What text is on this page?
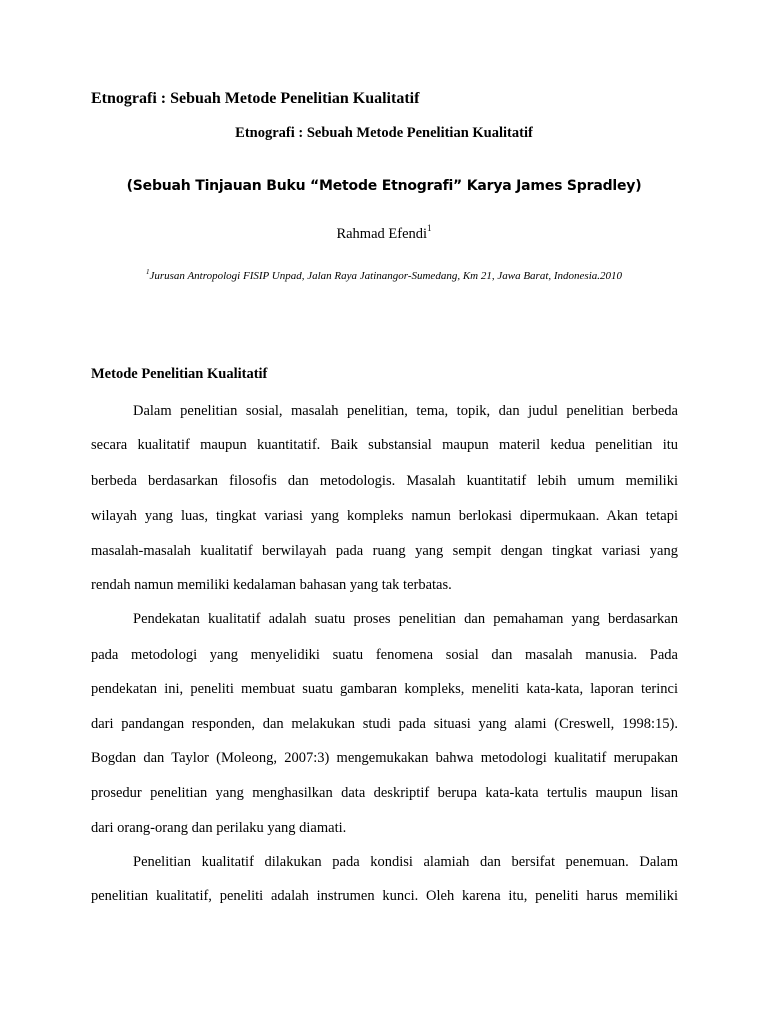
Etnografi : Sebuah Metode Penelitian Kualitatif
Etnografi : Sebuah Metode Penelitian Kualitatif
(Sebuah Tinjauan Buku “Metode Etnografi” Karya James Spradley)
Rahmad Efendi$^1$
$^1$Jurusan Antropologi FISIP Unpad, Jalan Raya Jatinangor-Sumedang, Km 21, Jawa Barat, Indonesia.2010
Metode Penelitian Kualitatif
Dalam penelitian sosial, masalah penelitian, tema, topik, dan judul penelitian berbeda
secara kualitatif maupun kuantitatif. Baik substansial maupun materil kedua penelitian itu
berbeda berdasarkan filosofis dan metodologis. Masalah kuantitatif lebih umum memiliki
wilayah yang luas, tingkat variasi yang kompleks namun berlokasi dipermukaan. Akan tetapi
masalah-masalah kualitatif berwilayah pada ruang yang sempit dengan tingkat variasi yang
rendah namun memiliki kedalaman bahasan yang tak terbatas.
Pendekatan kualitatif adalah suatu proses penelitian dan pemahaman yang berdasarkan
pada metodologi yang menyelidiki suatu fenomena sosial dan masalah manusia. Pada
pendekatan ini, peneliti membuat suatu gambaran kompleks, meneliti kata-kata, laporan terinci
dari pandangan responden, dan melakukan studi pada situasi yang alami (Creswell, 1998:15).
Bogdan dan Taylor (Moleong, 2007:3) mengemukakan bahwa metodologi kualitatif merupakan
prosedur penelitian yang menghasilkan data deskriptif berupa kata-kata tertulis maupun lisan
dari orang-orang dan perilaku yang diamati.
Penelitian kualitatif dilakukan pada kondisi alamiah dan bersifat penemuan. Dalam
penelitian kualitatif, peneliti adalah instrumen kunci. Oleh karena itu, peneliti harus memiliki
